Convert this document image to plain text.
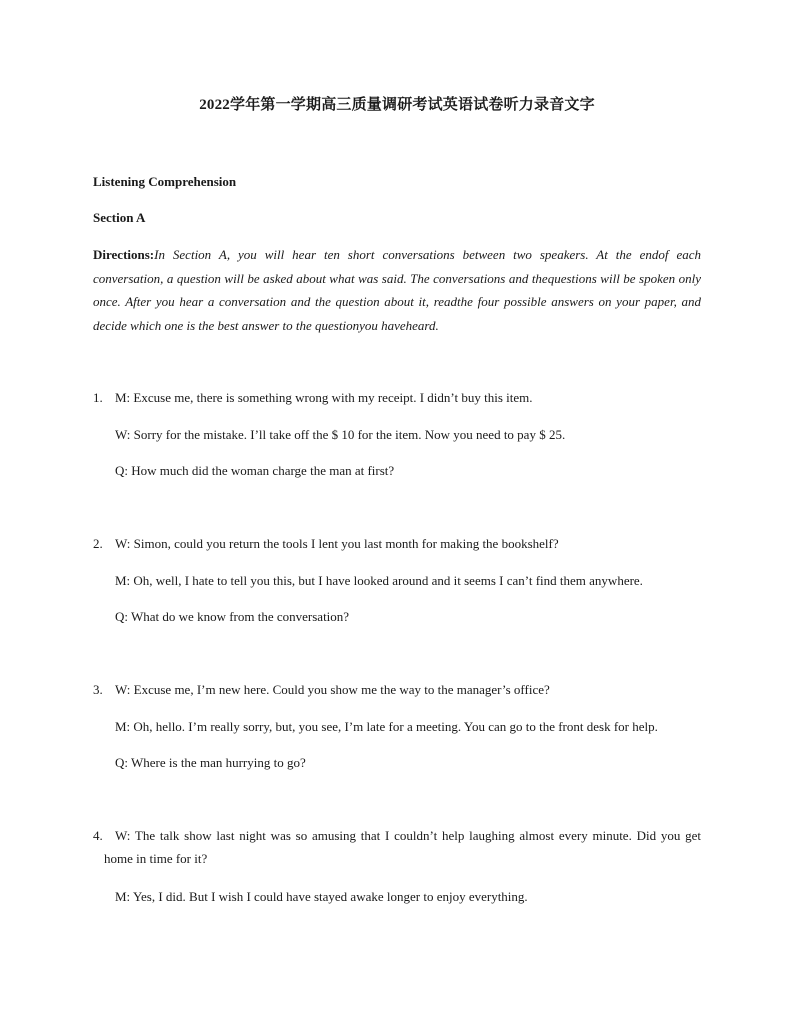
2022学年第一学期高三质量调研考试英语试卷听力录音文字
Listening Comprehension
Section A
Directions:In Section A, you will hear ten short conversations between two speakers. At the endof each conversation, a question will be asked about what was said. The conversations and thequestions will be spoken only once. After you hear a conversation and the question about it, readthe four possible answers on your paper, and decide which one is the best answer to the questionyou haveheard.
1. M: Excuse me, there is something wrong with my receipt. I didn’t buy this item.
W: Sorry for the mistake. I’ll take off the $ 10 for the item. Now you need to pay $ 25.
Q: How much did the woman charge the man at first?
2. W: Simon, could you return the tools I lent you last month for making the bookshelf?
M: Oh, well, I hate to tell you this, but I have looked around and it seems I can’t find them anywhere.
Q: What do we know from the conversation?
3. W: Excuse me, I’m new here. Could you show me the way to the manager’s office?
M: Oh, hello. I’m really sorry, but, you see, I’m late for a meeting. You can go to the front desk for help.
Q: Where is the man hurrying to go?
4. W: The talk show last night was so amusing that I couldn’t help laughing almost every minute. Did you get home in time for it?
M: Yes, I did. But I wish I could have stayed awake longer to enjoy everything.
